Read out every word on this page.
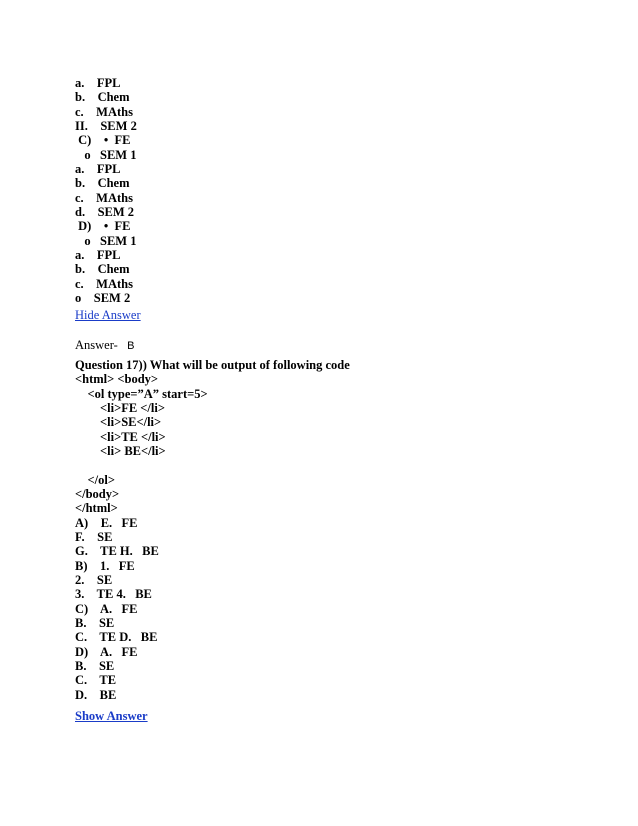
a.    FPL
b.    Chem
c.    MAths
II.    SEM 2
C)    •  FE
o   SEM 1
a.    FPL
b.    Chem
c.    MAths
d.    SEM 2
D)    •  FE
o   SEM 1
a.    FPL
b.    Chem
c.    MAths
o    SEM 2
Hide Answer
Answer- B
Question 17)) What will be output of following code
<html> <body>
<ol type=”A” start=5>
<li>FE </li>
<li>SE</li>
<li>TE </li>
<li> BE</li>
</ol>
</body>
</html>
A)    E.   FE
F.    SE
G.    TE H.   BE
B)    1.   FE
2.    SE
3.    TE 4.   BE
C)    A.   FE
B.    SE
C.    TE D.   BE
D)    A.   FE
B.    SE
C.    TE
D.    BE
Show Answer
